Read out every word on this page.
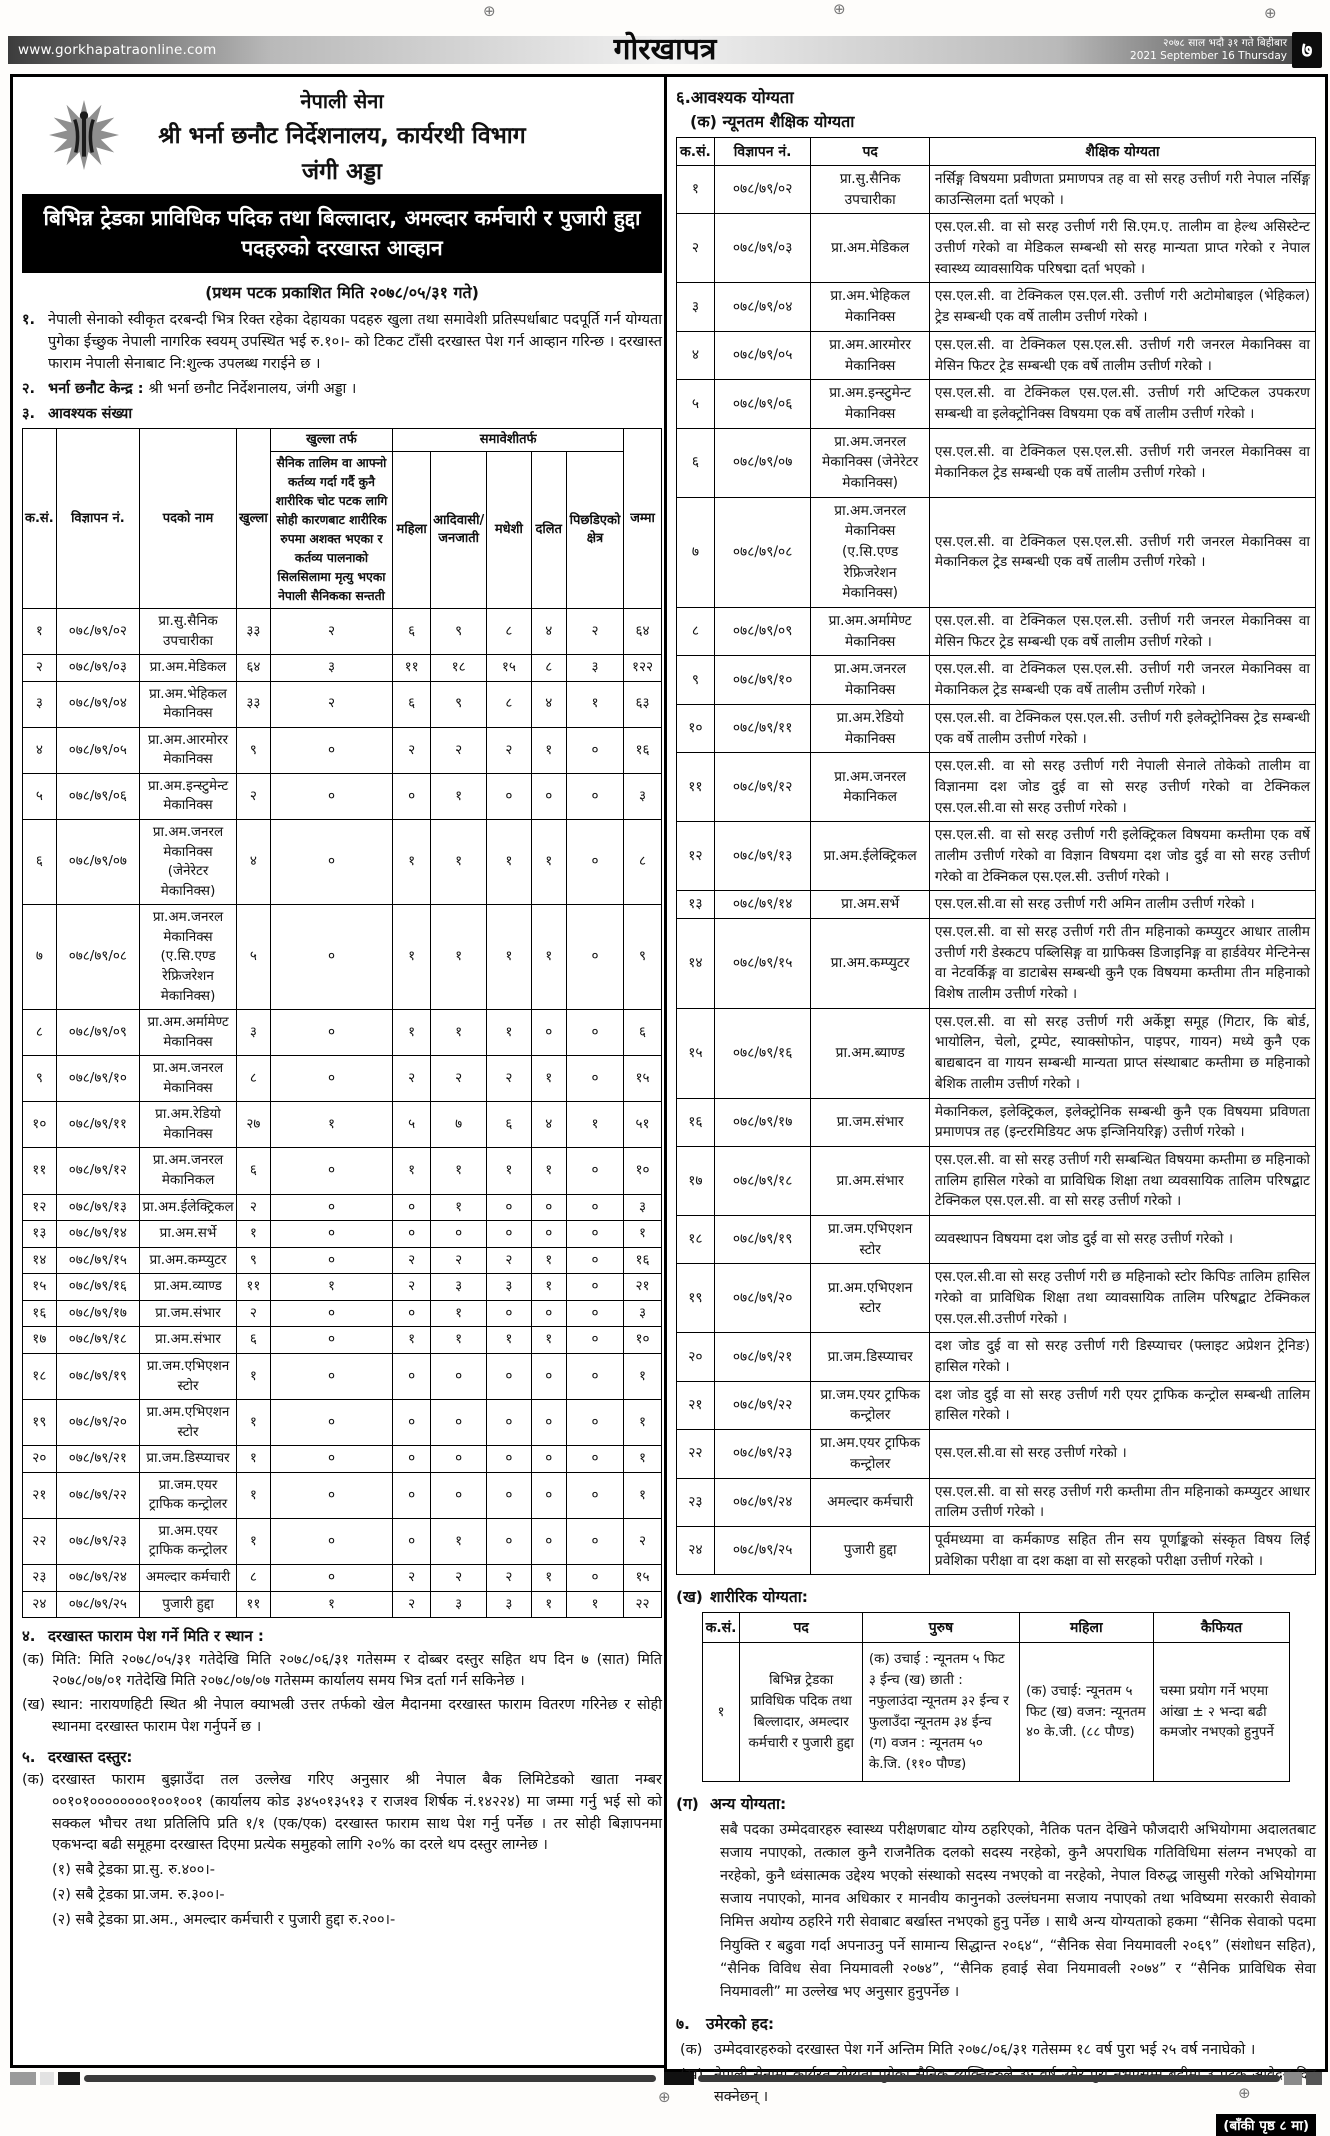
⊕	⊕	⊕
⊕	⊕
www.gorkhapatraonline.com	गोरखापत्र	२०७८ साल भदौ ३१ गते बिहीबार
2021 September 16 Thursday ७
नेपाली सेना
श्री भर्ना छनौट निर्देशनालय, कार्यरथी विभाग
जंगी अड्डा
बिभिन्न ट्रेडका प्राविधिक पदिक तथा बिल्लादार, अमल्दार कर्मचारी र पुजारी हुद्दा
पदहरुको दरखास्त आव्हान
(प्रथम पटक प्रकाशित मिति २०७८/०५/३१ गते)
१. नेपाली सेनाको स्वीकृत दरबन्दी भित्र रिक्त रहेका देहायका पदहरु खुला तथा समावेशी प्रतिस्पर्धाबाट पदपूर्ति गर्न योग्यता पुगेका ईच्छुक नेपाली नागरिक स्वयम् उपस्थित भई रु.१०।- को टिकट टाँसी दरखास्त पेश गर्न आव्हान गरिन्छ । दरखास्त फाराम नेपाली सेनाबाट नि:शुल्क उपलब्ध गराईने छ ।
२. भर्ना छनौट केन्द्र : श्री भर्ना छनौट निर्देशनालय, जंगी अड्डा ।
३. आवश्यक संख्या
क.सं.	विज्ञापन नं.	पदको नाम	खुल्ला	खुल्ला तर्फ	समावेशीतर्फ					जम्मा
				सैनिक तालिम वा आफ्नो कर्तव्य गर्दा गर्दै कुनै शारीरिक चोट पटक लागि सोही कारणबाट शारीरिक रुपमा अशक्त भएका र कर्तव्य पालनाको सिलसिलामा मृत्यु भएका नेपाली सैनिकका सन्तती						
					महिला	आदिवासी/ जनजाती	मधेशी	दलित	पिछडिएको क्षेत्र	
१	०७८/७९/०२	प्रा.सु.सैनिक उपचारीका	३३	२	६	९	८	४	२	६४
२	०७८/७९/०३	प्रा.अम.मेडिकल	६४	३	११	१८	१५	८	३	१२२
३	०७८/७९/०४	प्रा.अम.भेहिकल मेकानिक्स	३३	२	६	९	८	४	१	६३
४	०७८/७९/०५	प्रा.अम.आरमोरर मेकानिक्स	९	०	२	२	२	१	०	१६
५	०७८/७९/०६	प्रा.अम.इन्स्टुमेन्ट मेकानिक्स	२	०	०	१	०	०	०	३
६	०७८/७९/०७	प्रा.अम.जनरल मेकानिक्स (जेनेरेटर मेकानिक्स)	४	०	१	१	१	१	०	८
७	०७८/७९/०८	प्रा.अम.जनरल मेकानिक्स (ए.सि.एण्ड रेफ्रिजरेशन मेकानिक्स)	५	०	१	१	१	१	०	९
८	०७८/७९/०९	प्रा.अम.अर्मामेण्ट मेकानिक्स	३	०	१	१	१	०	०	६
९	०७८/७९/१०	प्रा.अम.जनरल मेकानिक्स	८	०	२	२	२	१	०	१५
१०	०७८/७९/११	प्रा.अम.रेडियो मेकानिक्स	२७	१	५	७	६	४	१	५१
११	०७८/७९/१२	प्रा.अम.जनरल मेकानिकल	६	०	१	१	१	१	०	१०
१२	०७८/७९/१३	प्रा.अम.ईलेक्ट्रिकल	२	०	०	१	०	०	०	३
१३	०७८/७९/१४	प्रा.अम.सर्भे	१	०	०	०	०	०	०	१
१४	०७८/७९/१५	प्रा.अम.कम्प्युटर	९	०	२	२	२	१	०	१६
१५	०७८/७९/१६	प्रा.अम.व्याण्ड	११	१	२	३	३	१	०	२१
१६	०७८/७९/१७	प्रा.जम.संभार	२	०	०	१	०	०	०	३
१७	०७८/७९/१८	प्रा.अम.संभार	६	०	१	१	१	१	०	१०
१८	०७८/७९/१९	प्रा.जम.एभिएशन स्टोर	१	०	०	०	०	०	०	१
१९	०७८/७९/२०	प्रा.अम.एभिएशन स्टोर	१	०	०	०	०	०	०	१
२०	०७८/७९/२१	प्रा.जम.डिस्प्याचर	१	०	०	०	०	०	०	१
२१	०७८/७९/२२	प्रा.जम.एयर ट्राफिक कन्ट्रोलर	१	०	०	०	०	०	०	१
२२	०७८/७९/२३	प्रा.अम.एयर ट्राफिक कन्ट्रोलर	१	०	०	१	०	०	०	२
२३	०७८/७९/२४	अमल्दार कर्मचारी	८	०	२	२	२	१	०	१५
२४	०७८/७९/२५	पुजारी हुद्दा	११	१	२	३	३	१	१	२२
४. दरखास्त फाराम पेश गर्ने मिति र स्थान :
(क) मिति: मिति २०७८/०५/३१ गतेदेखि मिति २०७८/०६/३१ गतेसम्म र दोब्बर दस्तुर सहित थप दिन ७ (सात) मिति २०७८/०७/०१ गतेदेखि मिति २०७८/०७/०७ गतेसम्म कार्यालय समय भित्र दर्ता गर्न सकिनेछ ।
(ख) स्थान: नारायणहिटी स्थित श्री नेपाल क्याभल्री उत्तर तर्फको खेल मैदानमा दरखास्त फाराम वितरण गरिनेछ र सोही स्थानमा दरखास्त फाराम पेश गर्नुपर्ने छ ।
५. दरखास्त दस्तुर:
(क) दरखास्त फाराम बुझाउँदा तल उल्लेख गरिए अनुसार श्री नेपाल बैक लिमिटेडको खाता नम्बर ००१०१००००००००१००१००१ (कार्यालय कोड ३४५०१३५१३ र राजश्व शिर्षक नं.१४२२४) मा जम्मा गर्नु भई सो को सक्कल भौचर तथा प्रतिलिपि प्रति १/१ (एक/एक) दरखास्त फाराम साथ पेश गर्नु पर्नेछ । तर सोही बिज्ञापनमा एकभन्दा बढी समूहमा दरखास्त दिएमा प्रत्येक समुहको लागि २०% का दरले थप दस्तुर लाग्नेछ ।
(१) सबै ट्रेडका प्रा.सु. रु.४००।-
(२) सबै ट्रेडका प्रा.जम. रु.३००।-
(२) सबै ट्रेडका प्रा.अम., अमल्दार कर्मचारी र पुजारी हुद्दा रु.२००।-
६.आवश्यक योग्यता
(क) न्यूनतम शैक्षिक योग्यता
क.सं.	विज्ञापन नं.	पद	शैक्षिक योग्यता
१	०७८/७९/०२	प्रा.सु.सैनिक उपचारीका	नर्सिङ्ग विषयमा प्रवीणता प्रमाणपत्र तह वा सो सरह उत्तीर्ण गरी नेपाल नर्सिङ्ग काउन्सिलमा दर्ता भएको ।
२	०७८/७९/०३	प्रा.अम.मेडिकल	एस.एल.सी. वा सो सरह उत्तीर्ण गरी सि.एम.ए. तालीम वा हेल्थ असिस्टेन्ट उत्तीर्ण गरेको वा मेडिकल सम्बन्धी सो सरह मान्यता प्राप्त गरेको र नेपाल स्वास्थ्य व्यावसायिक परिषद्मा दर्ता भएको ।
३	०७८/७९/०४	प्रा.अम.भेहिकल मेकानिक्स	एस.एल.सी. वा टेक्निकल एस.एल.सी. उत्तीर्ण गरी अटोमोबाइल (भेहिकल) ट्रेड सम्बन्धी एक वर्षे तालीम उत्तीर्ण गरेको ।
४	०७८/७९/०५	प्रा.अम.आरमोरर मेकानिक्स	एस.एल.सी. वा टेक्निकल एस.एल.सी. उत्तीर्ण गरी जनरल मेकानिक्स वा मेसिन फिटर ट्रेड सम्बन्धी एक वर्षे तालीम उत्तीर्ण गरेको ।
५	०७८/७९/०६	प्रा.अम.इन्स्टुमेन्ट मेकानिक्स	एस.एल.सी. वा टेक्निकल एस.एल.सी. उत्तीर्ण गरी अप्टिकल उपकरण सम्बन्धी वा इलेक्ट्रोनिक्स विषयमा एक वर्षे तालीम उत्तीर्ण गरेको ।
६	०७८/७९/०७	प्रा.अम.जनरल मेकानिक्स (जेनेरेटर मेकानिक्स)	एस.एल.सी. वा टेक्निकल एस.एल.सी. उत्तीर्ण गरी जनरल मेकानिक्स वा मेकानिकल ट्रेड सम्बन्धी एक वर्षे तालीम उत्तीर्ण गरेको ।
७	०७८/७९/०८	प्रा.अम.जनरल मेकानिक्स (ए.सि.एण्ड रेफ्रिजरेशन मेकानिक्स)	एस.एल.सी. वा टेक्निकल एस.एल.सी. उत्तीर्ण गरी जनरल मेकानिक्स वा मेकानिकल ट्रेड सम्बन्धी एक वर्षे तालीम उत्तीर्ण गरेको ।
८	०७८/७९/०९	प्रा.अम.अर्मामेण्ट मेकानिक्स	एस.एल.सी. वा टेक्निकल एस.एल.सी. उत्तीर्ण गरी जनरल मेकानिक्स वा मेसिन फिटर ट्रेड सम्बन्धी एक वर्षे तालीम उत्तीर्ण गरेको ।
९	०७८/७९/१०	प्रा.अम.जनरल मेकानिक्स	एस.एल.सी. वा टेक्निकल एस.एल.सी. उत्तीर्ण गरी जनरल मेकानिक्स वा मेकानिकल ट्रेड सम्बन्धी एक वर्षे तालीम उत्तीर्ण गरेको ।
१०	०७८/७९/११	प्रा.अम.रेडियो मेकानिक्स	एस.एल.सी. वा टेक्निकल एस.एल.सी. उत्तीर्ण गरी इलेक्ट्रोनिक्स ट्रेड सम्बन्धी एक वर्षे तालीम उत्तीर्ण गरेको ।
११	०७८/७९/१२	प्रा.अम.जनरल मेकानिकल	एस.एल.सी. वा सो सरह उत्तीर्ण गरी नेपाली सेनाले तोकेको तालीम वा विज्ञानमा दश जोड दुई वा सो सरह उत्तीर्ण गरेको वा टेक्निकल एस.एल.सी.वा सो सरह उत्तीर्ण गरेको ।
१२	०७८/७९/१३	प्रा.अम.ईलेक्ट्रिकल	एस.एल.सी. वा सो सरह उत्तीर्ण गरी इलेक्ट्रिकल विषयमा कम्तीमा एक वर्षे तालीम उत्तीर्ण गरेको वा विज्ञान विषयमा दश जोड दुई वा सो सरह उत्तीर्ण गरेको वा टेक्निकल एस.एल.सी. उत्तीर्ण गरेको ।
१३	०७८/७९/१४	प्रा.अम.सर्भे	एस.एल.सी.वा सो सरह उत्तीर्ण गरी अमिन तालीम उत्तीर्ण गरेको ।
१४	०७८/७९/१५	प्रा.अम.कम्प्युटर	एस.एल.सी. वा सो सरह उत्तीर्ण गरी तीन महिनाको कम्प्युटर आधार तालीम उत्तीर्ण गरी डेस्कटप पब्लिसिङ्ग वा ग्राफिक्स डिजाइनिङ्ग वा हार्डवेयर मेन्टिनेन्स वा नेटवर्किङ्ग वा डाटाबेस सम्बन्धी कुनै एक विषयमा कम्तीमा तीन महिनाको विशेष तालीम उत्तीर्ण गरेको ।
१५	०७८/७९/१६	प्रा.अम.ब्याण्ड	एस.एल.सी. वा सो सरह उत्तीर्ण गरी अर्केष्ट्रा समूह (गिटार, कि बोर्ड, भायोलिन, चेलो, ट्रम्पेट, स्याक्सोफोन, पाइपर, गायन) मध्ये कुनै एक बाद्यबादन वा गायन सम्बन्धी मान्यता प्राप्त संस्थाबाट कम्तीमा छ महिनाको बेशिक तालीम उत्तीर्ण गरेको ।
१६	०७८/७९/१७	प्रा.जम.संभार	मेकानिकल, इलेक्ट्रिकल, इलेक्ट्रोनिक सम्बन्धी कुनै एक विषयमा प्रविणता प्रमाणपत्र तह (इन्टरमिडियट अफ इन्जिनियरिङ्ग) उत्तीर्ण गरेको ।
१७	०७८/७९/१८	प्रा.अम.संभार	एस.एल.सी. वा सो सरह उत्तीर्ण गरी सम्बन्धित विषयमा कम्तीमा छ महिनाको तालिम हासिल गरेको वा प्राविधिक शिक्षा तथा व्यवसायिक तालिम परिषद्बाट टेक्निकल एस.एल.सी. वा सो सरह उत्तीर्ण गरेको ।
१८	०७८/७९/१९	प्रा.जम.एभिएशन स्टोर	व्यवस्थापन विषयमा दश जोड दुई वा सो सरह उत्तीर्ण गरेको ।
१९	०७८/७९/२०	प्रा.अम.एभिएशन स्टोर	एस.एल.सी.वा सो सरह उत्तीर्ण गरी छ महिनाको स्टोर किपिङ तालिम हासिल गरेको वा प्राविधिक शिक्षा तथा व्यावसायिक तालिम परिषद्बाट टेक्निकल एस.एल.सी.उत्तीर्ण गरेको ।
२०	०७८/७९/२१	प्रा.जम.डिस्प्याचर	दश जोड दुई वा सो सरह उत्तीर्ण गरी डिस्प्याचर (फ्लाइट अप्रेशन ट्रेनिङ) हासिल गरेको ।
२१	०७८/७९/२२	प्रा.जम.एयर ट्राफिक कन्ट्रोलर	दश जोड दुई वा सो सरह उत्तीर्ण गरी एयर ट्राफिक कन्ट्रोल सम्बन्धी तालिम हासिल गरेको ।
२२	०७८/७९/२३	प्रा.अम.एयर ट्राफिक कन्ट्रोलर	एस.एल.सी.वा सो सरह उत्तीर्ण गरेको ।
२३	०७८/७९/२४	अमल्दार कर्मचारी	एस.एल.सी. वा सो सरह उत्तीर्ण गरी कम्तीमा तीन महिनाको कम्प्युटर आधार तालिम उत्तीर्ण गरेको ।
२४	०७८/७९/२५	पुजारी हुद्दा	पूर्वमध्यमा वा कर्मकाण्ड सहित तीन सय पूर्णाङ्कको संस्कृत विषय लिई प्रवेशिका परीक्षा वा दश कक्षा वा सो सरहको परीक्षा उत्तीर्ण गरेको ।
(ख) शारीरिक योग्यता:
क.सं.	पद	पुरुष	महिला	कैफियत
१	बिभिन्न ट्रेडका प्राविधिक पदिक तथा बिल्लादार, अमल्दार कर्मचारी र पुजारी हुद्दा	(क) उचाई : न्यूनतम ५ फिट ३ ईन्च (ख) छाती : नफुलाउंदा न्यूनतम ३२ ईन्च र फुलाउँदा न्यूनतम ३४ ईन्च (ग) वजन : न्यूनतम ५० के.जि. (११० पौण्ड)	(क) उचाई: न्यूनतम ५ फिट (ख) वजन: न्यूनतम ४० के.जी. (८८ पौण्ड)	चस्मा प्रयोग गर्ने भएमा आंखा ± २ भन्दा बढी कमजोर नभएको हुनुपर्ने
(ग) अन्य योग्यता:
सबै पदका उम्मेदवारहरु स्वास्थ्य परीक्षणबाट योग्य ठहरिएको, नैतिक पतन देखिने फौजदारी अभियोगमा अदालतबाट सजाय नपाएको, तत्काल कुनै राजनैतिक दलको सदस्य नरहेको, कुनै अपराधिक गतिविधिमा संलग्न नभएको वा नरहेको, कुनै ध्वंसात्मक उद्देश्य भएको संस्थाको सदस्य नभएको वा नरहेको, नेपाल विरुद्ध जासुसी गरेको अभियोगमा सजाय नपाएको, मानव अधिकार र मानवीय कानुनको उल्लंघनमा सजाय नपाएको तथा भविष्यमा सरकारी सेवाको निमित्त अयोग्य ठहरिने गरी सेवाबाट बर्खास्त नभएको हुनु पर्नेछ । साथै अन्य योग्यताको हकमा “सैनिक सेवाको पदमा नियुक्ति र बढुवा गर्दा अपनाउनु पर्ने सामान्य सिद्धान्त २०६४“, “सैनिक सेवा नियमावली २०६९” (संशोधन सहित), “सैनिक विविध सेवा नियमावली २०७४”, “सैनिक हवाई सेवा नियमावली २०७४” र “सैनिक प्राविधिक सेवा नियमावली” मा उल्लेख भए अनुसार हुनुपर्नेछ ।
७.	उमेरको हद:
(क) उम्मेदवारहरुको दरखास्त पेश गर्ने अन्तिम मिति २०७८/०६/३१ गतेसम्म १८ वर्ष पुरा भई २५ वर्ष ननाघेको ।
सक्नेछन् ।
(बाँकी पृष्ठ ८ मा)
